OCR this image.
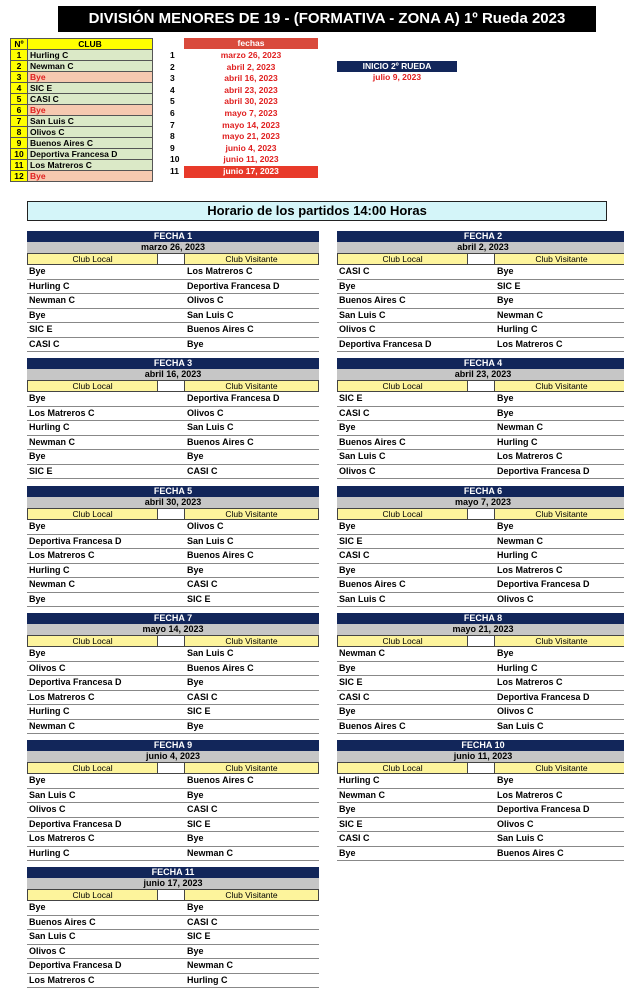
DIVISIÓN MENORES DE 19 - (FORMATIVA - ZONA A) 1º Rueda 2023
Nº	CLUB
1	Hurling C
2	Newman C
3	Bye
4	SIC E
5	CASI C
6	Bye
7	San Luis C
8	Olivos C
9	Buenos Aires C
10	Deportiva Francesa D
11	Los Matreros C
12	Bye
fechas
1	marzo 26, 2023
2	abril 2, 2023
3	abril 16, 2023
4	abril 23, 2023
5	abril 30, 2023
6	mayo 7, 2023
7	mayo 14, 2023
8	mayo 21, 2023
9	junio 4, 2023
10	junio 11, 2023
11	junio 17, 2023
INICIO 2º RUEDA
julio 9, 2023
Horario de los partidos 14:00 Horas
FECHA 1
marzo 26, 2023
Club Local	Club Visitante
Bye	Los Matreros C
Hurling C	Deportiva Francesa D
Newman C	Olivos C
Bye	San Luis C
SIC E	Buenos Aires C
CASI C	Bye
FECHA 2
abril 2, 2023
Club Local	Club Visitante
CASI C	Bye
Bye	SIC E
Buenos Aires C	Bye
San Luis C	Newman C
Olivos C	Hurling C
Deportiva Francesa D	Los Matreros C
FECHA 3
abril 16, 2023
Club Local	Club Visitante
Bye	Deportiva Francesa D
Los Matreros C	Olivos C
Hurling C	San Luis C
Newman C	Buenos Aires C
Bye	Bye
SIC E	CASI C
FECHA 4
abril 23, 2023
Club Local	Club Visitante
SIC E	Bye
CASI C	Bye
Bye	Newman C
Buenos Aires C	Hurling C
San Luis C	Los Matreros C
Olivos C	Deportiva Francesa D
FECHA 5
abril 30, 2023
Club Local	Club Visitante
Bye	Olivos C
Deportiva Francesa D	San Luis C
Los Matreros C	Buenos Aires C
Hurling C	Bye
Newman C	CASI C
Bye	SIC E
FECHA 6
mayo 7, 2023
Club Local	Club Visitante
Bye	Bye
SIC E	Newman C
CASI C	Hurling C
Bye	Los Matreros C
Buenos Aires C	Deportiva Francesa D
San Luis C	Olivos C
FECHA 7
mayo 14, 2023
Club Local	Club Visitante
Bye	San Luis C
Olivos C	Buenos Aires C
Deportiva Francesa D	Bye
Los Matreros C	CASI C
Hurling C	SIC E
Newman C	Bye
FECHA 8
mayo 21, 2023
Club Local	Club Visitante
Newman C	Bye
Bye	Hurling C
SIC E	Los Matreros C
CASI C	Deportiva Francesa D
Bye	Olivos C
Buenos Aires C	San Luis C
FECHA 9
junio 4, 2023
Club Local	Club Visitante
Bye	Buenos Aires C
San Luis C	Bye
Olivos C	CASI C
Deportiva Francesa D	SIC E
Los Matreros C	Bye
Hurling C	Newman C
FECHA 10
junio 11, 2023
Club Local	Club Visitante
Hurling C	Bye
Newman C	Los Matreros C
Bye	Deportiva Francesa D
SIC E	Olivos C
CASI C	San Luis C
Bye	Buenos Aires C
FECHA 11
junio 17, 2023
Club Local	Club Visitante
Bye	Bye
Buenos Aires C	CASI C
San Luis C	SIC E
Olivos C	Bye
Deportiva Francesa D	Newman C
Los Matreros C	Hurling C
